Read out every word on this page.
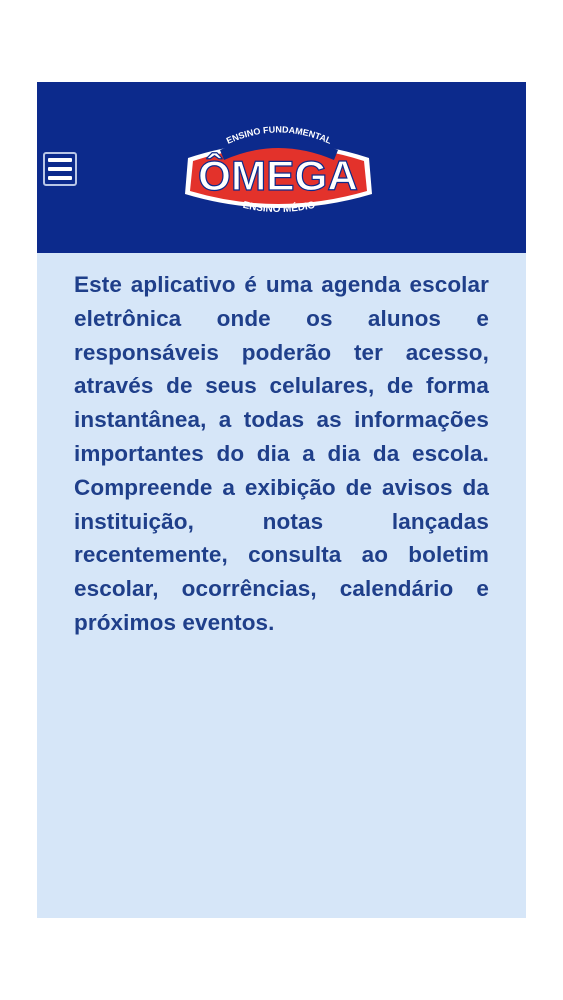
ENSINO FUNDAMENTAL
ÔMEGA
ENSINO MÉDIO

Este aplicativo é uma agenda escolar eletrônica onde os alunos e responsáveis poderão ter acesso, através de seus celulares, de forma instantânea, a todas as informações importantes do dia a dia da escola. Compreende a exibição de avisos da instituição, notas lançadas recentemente, consulta ao boletim escolar, ocorrências, calendário e próximos eventos.
